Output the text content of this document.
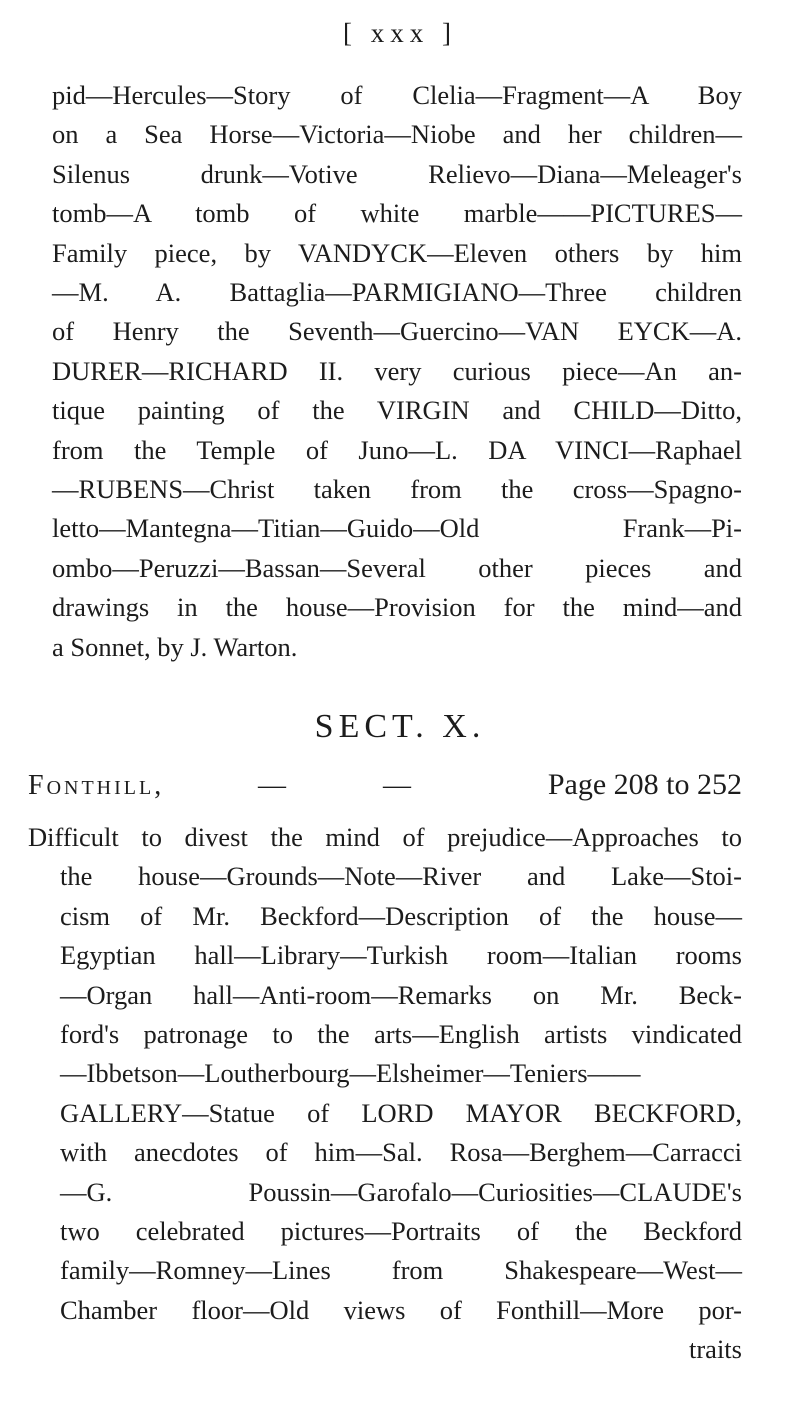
[ xxx ]
pid—Hercules—Story of Clelia—Fragment—A Boy
on a Sea Horse—Victoria—Niobe and her children—
Silenus drunk—Votive Relievo—Diana—Meleager's
tomb—A tomb of white marble——PICTURES—
Family piece, by VANDYCK—Eleven others by him
—M. A. Battaglia—PARMIGIANO—Three children
of Henry the Seventh—Guercino—VAN EYCK—A.
DURER—RICHARD II. very curious piece—An an-
tique painting of the VIRGIN and CHILD—Ditto,
from the Temple of Juno—L. DA VINCI—Raphael
—RUBENS—Christ taken from the cross—Spagno-
letto—Mantegna—Titian—Guido—Old Frank—Pi-
ombo—Peruzzi—Bassan—Several other pieces and
drawings in the house—Provision for the mind—and
a Sonnet, by J. Warton.
SECT. X.
Fonthill,	—	—	Page 208 to 252
Difficult to divest the mind of prejudice—Approaches to
the house—Grounds—Note—River and Lake—Stoi-
cism of Mr. Beckford—Description of the house—
Egyptian hall—Library—Turkish room—Italian rooms
—Organ hall—Anti-room—Remarks on Mr. Beck-
ford's patronage to the arts—English artists vindicated
—Ibbetson—Loutherbourg—Elsheimer—Teniers——
GALLERY—Statue of LORD MAYOR BECKFORD,
with anecdotes of him—Sal. Rosa—Berghem—Carracci
—G. Poussin—Garofalo—Curiosities—CLAUDE's
two celebrated pictures—Portraits of the Beckford
family—Romney—Lines from Shakespeare—West—
Chamber floor—Old views of Fonthill—More por-
traits
